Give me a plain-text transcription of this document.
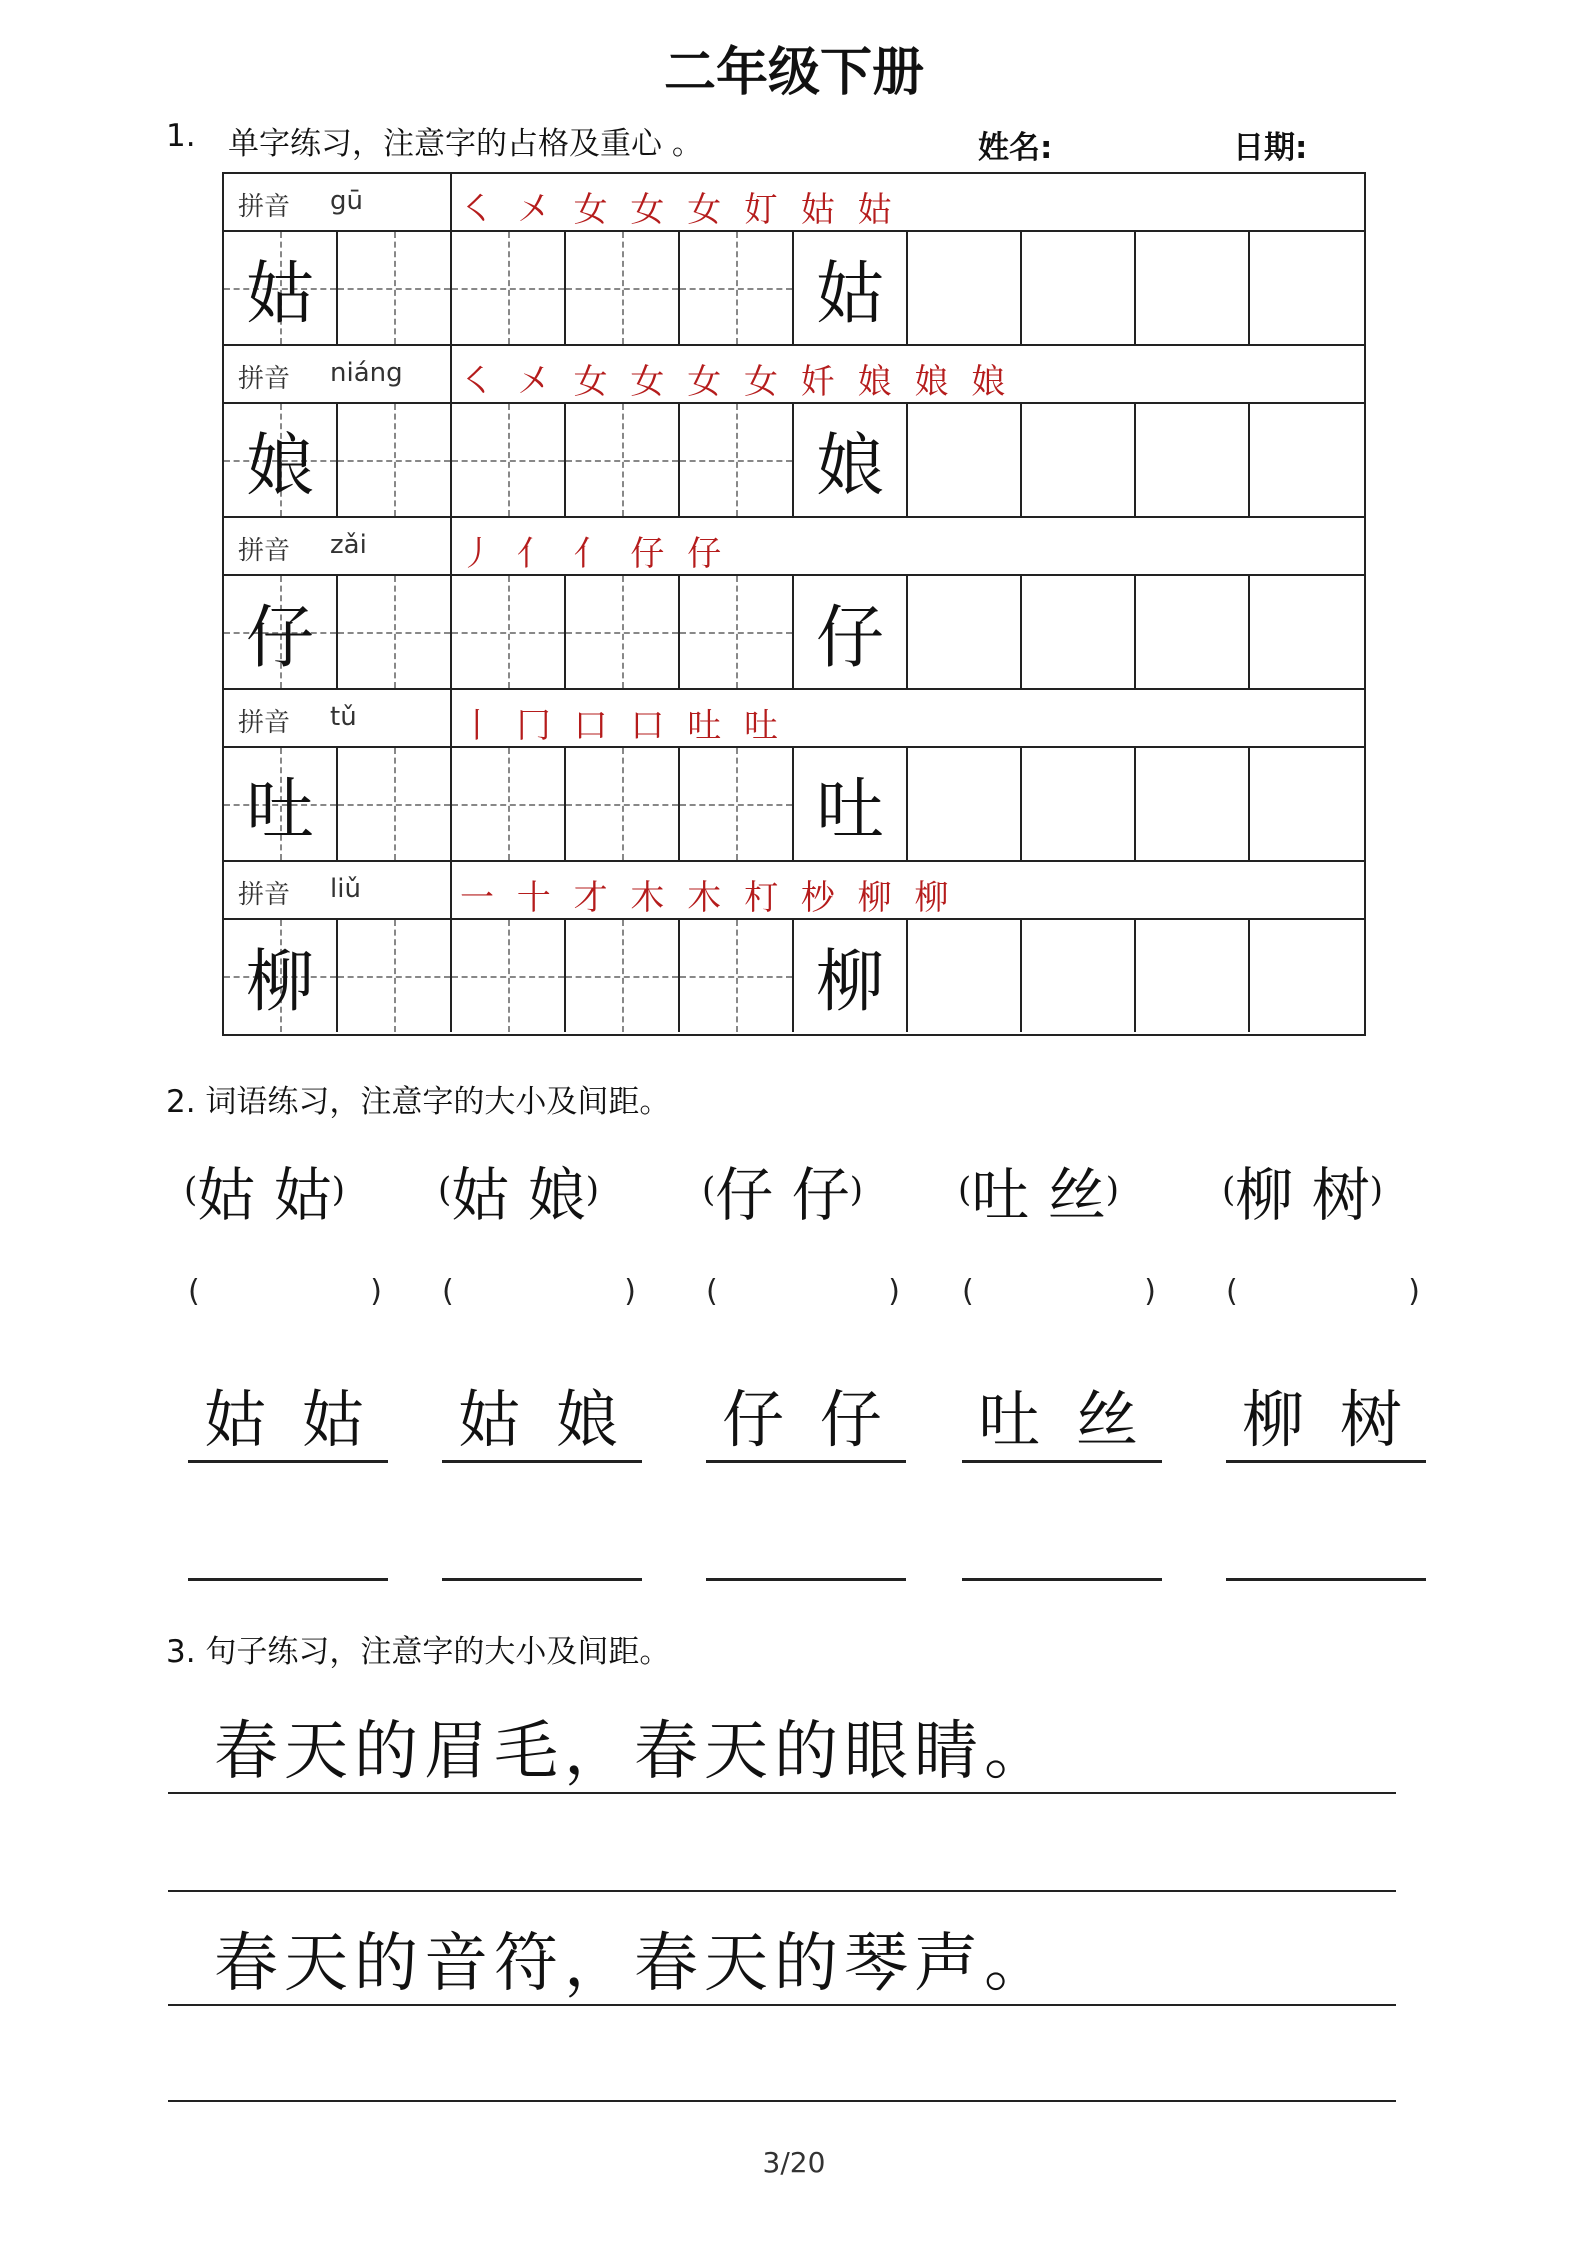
二年级下册
1. 单字练习，注意字的占格及重心 。	姓名:	日期:
拼音 gū	㇛ 㐅 女 女 女 奵 姑 姑
姑	姑
拼音 niáng ㇛ 㐅 女 女 女 女 奷 娘 娘 娘
娘	娘
拼音 zǎi	丿 亻 亻 仔 仔
仔	仔
拼音 tǔ	丨 冂 口 口 吐 吐
吐	吐
拼音 liǔ	一 十 才 木 木 朾 杪 柳 柳
柳	柳
2. 词语练习，注意字的大小及间距。
(姑 姑)
(	)
姑 姑
(姑 娘)
(	)
姑 娘
(仔 仔)
(	)
仔 仔
(吐 丝)
(	)
吐 丝
(柳 树)
(	)
柳 树
3. 句子练习，注意字的大小及间距。
春天的眉毛，春天的眼睛。
春天的音符，春天的琴声。
3/20
